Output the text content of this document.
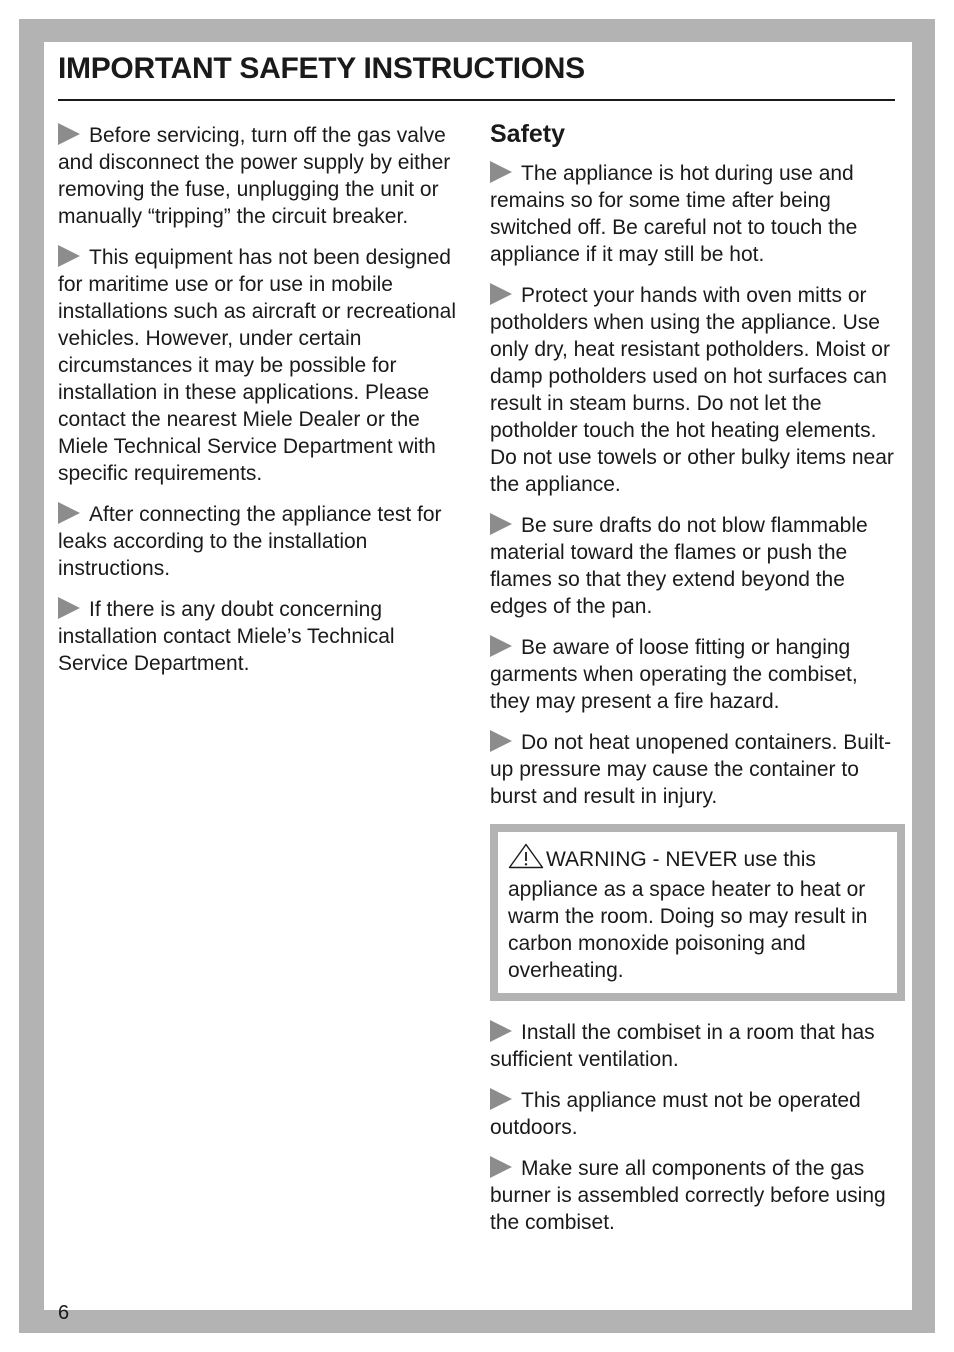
IMPORTANT SAFETY INSTRUCTIONS

Before servicing, turn off the gas valve and disconnect the power supply by either removing the fuse, unplugging the unit or manually “tripping” the circuit breaker.

This equipment has not been designed for maritime use or for use in mobile installations such as aircraft or recreational vehicles. However, under certain circumstances it may be possible for installation in these applications. Please contact the nearest Miele Dealer or the Miele Technical Service Department with specific requirements.

After connecting the appliance test for leaks according to the installation instructions.

If there is any doubt concerning installation contact Miele’s Technical Service Department.

Safety

The appliance is hot during use and remains so for some time after being switched off. Be careful not to touch the appliance if it may still be hot.

Protect your hands with oven mitts or potholders when using the appliance. Use only dry, heat resistant potholders. Moist or damp potholders used on hot surfaces can result in steam burns. Do not let the potholder touch the hot heating elements. Do not use towels or other bulky items near the appliance.

Be sure drafts do not blow flammable material toward the flames or push the flames so that they extend beyond the edges of the pan.

Be aware of loose fitting or hanging garments when operating the combiset, they may present a fire hazard.

Do not heat unopened containers. Built-up pressure may cause the container to burst and result in injury.

WARNING - NEVER use this appliance as a space heater to heat or warm the room. Doing so may result in carbon monoxide poisoning and overheating.

Install the combiset in a room that has sufficient ventilation.

This appliance must not be operated outdoors.

Make sure all components of the gas burner is assembled correctly before using the combiset.

6
